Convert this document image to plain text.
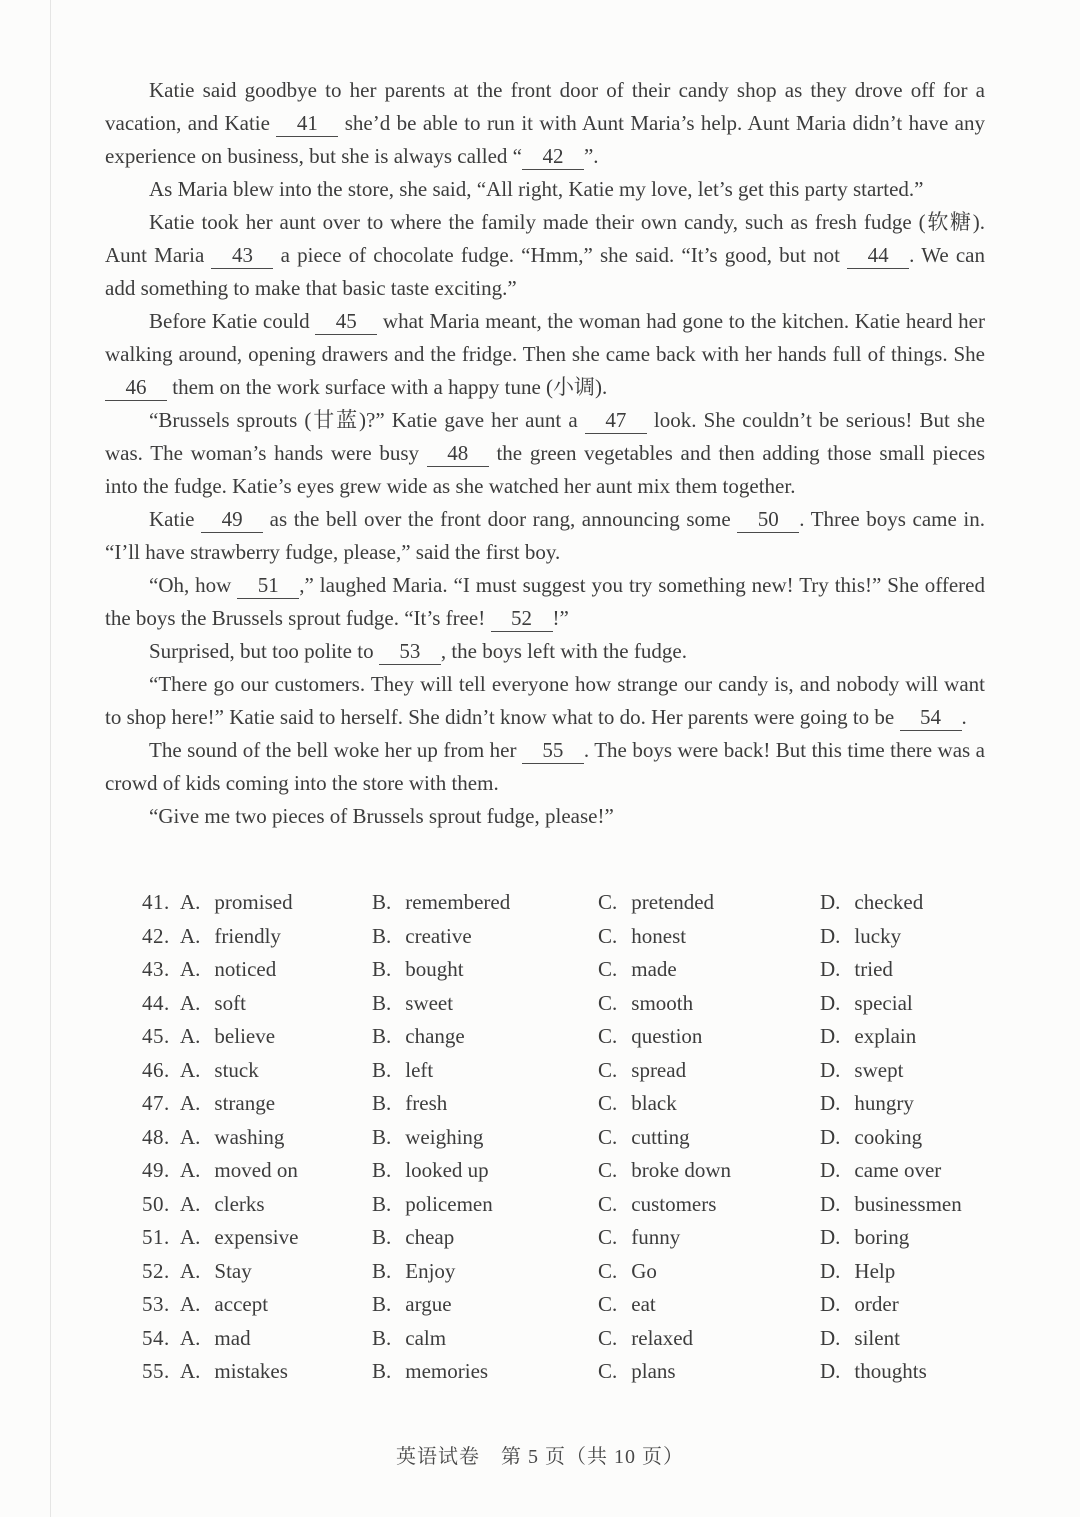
Katie said goodbye to her parents at the front door of their candy shop as they drove off for a vacation, and Katie 41 she’d be able to run it with Aunt Maria’s help. Aunt Maria didn’t have any experience on business, but she is always called “ 42 ”.

As Maria blew into the store, she said, “All right, Katie my love, let’s get this party started.”

Katie took her aunt over to where the family made their own candy, such as fresh fudge (软糖). Aunt Maria 43 a piece of chocolate fudge. “Hmm,” she said. “It’s good, but not 44 . We can add something to make that basic taste exciting.”

Before Katie could 45 what Maria meant, the woman had gone to the kitchen. Katie heard her walking around, opening drawers and the fridge. Then she came back with her hands full of things. She 46 them on the work surface with a happy tune (小调).

“Brussels sprouts (甘蓝)?” Katie gave her aunt a 47 look. She couldn’t be serious! But she was. The woman’s hands were busy 48 the green vegetables and then adding those small pieces into the fudge. Katie’s eyes grew wide as she watched her aunt mix them together.

Katie 49 as the bell over the front door rang, announcing some 50 . Three boys came in. “I’ll have strawberry fudge, please,” said the first boy.

“Oh, how 51 ,” laughed Maria. “I must suggest you try something new! Try this!” She offered the boys the Brussels sprout fudge. “It’s free! 52 !”

Surprised, but too polite to 53 , the boys left with the fudge.

“There go our customers. They will tell everyone how strange our candy is, and nobody will want to shop here!” Katie said to herself. She didn’t know what to do. Her parents were going to be 54 .

The sound of the bell woke her up from her 55 . The boys were back! But this time there was a crowd of kids coming into the store with them.

“Give me two pieces of Brussels sprout fudge, please!”

41. A. promised	B. remembered	C. pretended	D. checked
42. A. friendly	B. creative	C. honest	D. lucky
43. A. noticed	B. bought	C. made	D. tried
44. A. soft	B. sweet	C. smooth	D. special
45. A. believe	B. change	C. question	D. explain
46. A. stuck	B. left	C. spread	D. swept
47. A. strange	B. fresh	C. black	D. hungry
48. A. washing	B. weighing	C. cutting	D. cooking
49. A. moved on	B. looked up	C. broke down	D. came over
50. A. clerks	B. policemen	C. customers	D. businessmen
51. A. expensive	B. cheap	C. funny	D. boring
52. A. Stay	B. Enjoy	C. Go	D. Help
53. A. accept	B. argue	C. eat	D. order
54. A. mad	B. calm	C. relaxed	D. silent
55. A. mistakes	B. memories	C. plans	D. thoughts
英语试卷　第 5 页（共 10 页）
